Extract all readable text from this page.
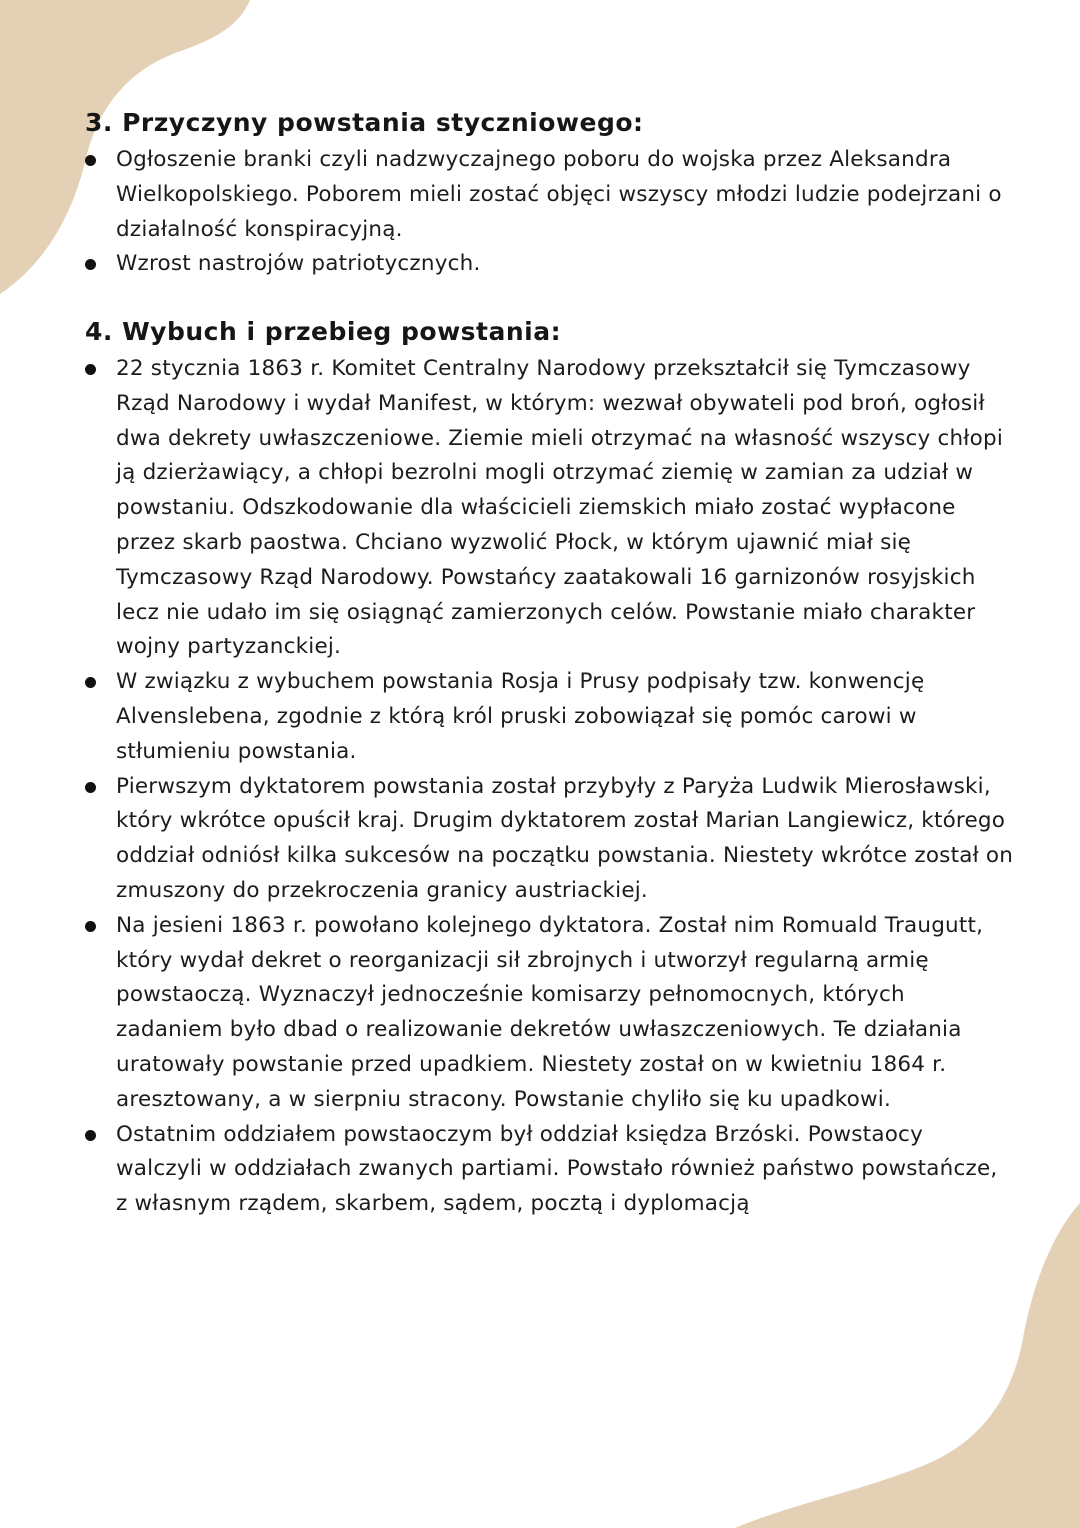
3. Przyczyny powstania styczniowego:
Ogłoszenie branki czyli nadzwyczajnego poboru do wojska przez Aleksandra Wielkopolskiego. Poborem mieli zostać objęci wszyscy młodzi ludzie podejrzani o działalność konspiracyjną.
Wzrost nastrojów patriotycznych.
4. Wybuch i przebieg powstania:
22 stycznia 1863 r. Komitet Centralny Narodowy przekształcił się Tymczasowy Rząd Narodowy i wydał Manifest, w którym: wezwał obywateli pod broń, ogłosił dwa dekrety uwłaszczeniowe. Ziemie mieli otrzymać na własność wszyscy chłopi ją dzierżawiący, a chłopi bezrolni mogli otrzymać ziemię w zamian za udział w powstaniu. Odszkodowanie dla właścicieli ziemskich miało zostać wypłacone przez skarb paostwa. Chciano wyzwolić Płock, w którym ujawnić miał się Tymczasowy Rząd Narodowy. Powstańcy zaatakowali 16 garnizonów rosyjskich lecz nie udało im się osiągnąć zamierzonych celów. Powstanie miało charakter wojny partyzanckiej.
W związku z wybuchem powstania Rosja i Prusy podpisały tzw. konwencję Alvenslebena, zgodnie z którą król pruski zobowiązał się pomóc carowi w stłumieniu powstania.
Pierwszym dyktatorem powstania został przybyły z Paryża Ludwik Mierosławski, który wkrótce opuścił kraj. Drugim dyktatorem został Marian Langiewicz, którego oddział odniósł kilka sukcesów na początku powstania. Niestety wkrótce został on zmuszony do przekroczenia granicy austriackiej.
Na jesieni 1863 r. powołano kolejnego dyktatora. Został nim Romuald Traugutt, który wydał dekret o reorganizacji sił zbrojnych i utworzył regularną armię powstaoczą. Wyznaczył jednocześnie komisarzy pełnomocnych, których zadaniem było dbad o realizowanie dekretów uwłaszczeniowych. Te działania uratowały powstanie przed upadkiem. Niestety został on w kwietniu 1864 r. aresztowany, a w sierpniu stracony. Powstanie chyliło się ku upadkowi.
Ostatnim oddziałem powstaoczym był oddział księdza Brzóski. Powstaocy walczyli w oddziałach zwanych partiami. Powstało również państwo powstańcze, z własnym rządem, skarbem, sądem, pocztą i dyplomacją
